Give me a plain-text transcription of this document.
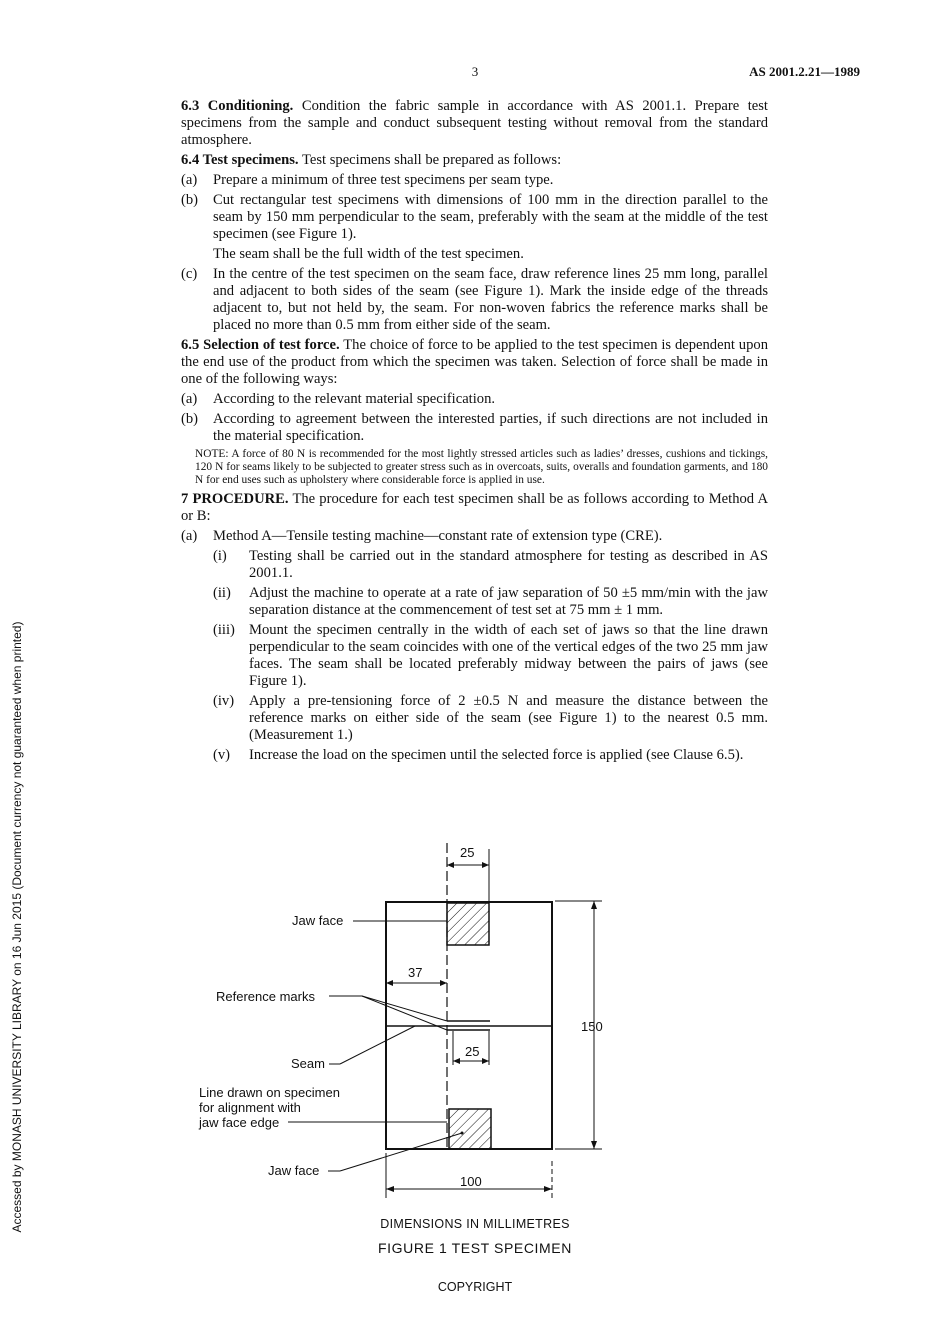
3	AS 2001.2.21—1989
Accessed by MONASH UNIVERSITY LIBRARY on 16 Jun 2015 (Document currency not guaranteed when printed)

6.3 Conditioning. Condition the fabric sample in accordance with AS 2001.1. Prepare test specimens from the sample and conduct subsequent testing without removal from the standard atmosphere.

6.4 Test specimens. Test specimens shall be prepared as follows:

(a)	Prepare a minimum of three test specimens per seam type.
(b)	Cut rectangular test specimens with dimensions of 100 mm in the direction parallel to the seam by 150 mm perpendicular to the seam, preferably with the seam at the middle of the test specimen (see Figure 1).
The seam shall be the full width of the test specimen.
(c)	In the centre of the test specimen on the seam face, draw reference lines 25 mm long, parallel and adjacent to both sides of the seam (see Figure 1). Mark the inside edge of the threads adjacent to, but not held by, the seam. For non-woven fabrics the reference marks shall be placed no more than 0.5 mm from either side of the seam.

6.5 Selection of test force. The choice of force to be applied to the test specimen is dependent upon the end use of the product from which the specimen was taken. Selection of force shall be made in one of the following ways:

(a)	According to the relevant material specification.
(b)	According to agreement between the interested parties, if such directions are not included in the material specification.
NOTE: A force of 80 N is recommended for the most lightly stressed articles such as ladies’ dresses, cushions and tickings, 120 N for seams likely to be subjected to greater stress such as in overcoats, suits, overalls and foundation garments, and 180 N for end uses such as upholstery where considerable force is applied in use.

7 PROCEDURE. The procedure for each test specimen shall be as follows according to Method A or B:

(a)	Method A—Tensile testing machine—constant rate of extension type (CRE).
(i)	Testing shall be carried out in the standard atmosphere for testing as described in AS 2001.1.
(ii)	Adjust the machine to operate at a rate of jaw separation of 50 ±5 mm/min with the jaw separation distance at the commencement of test set at 75 mm ± 1 mm.
(iii) Mount the specimen centrally in the width of each set of jaws so that the line drawn perpendicular to the seam coincides with one of the vertical edges of the two 25 mm jaw faces. The seam shall be located preferably midway between the pairs of jaws (see Figure 1).
(iv)	Apply a pre-tensioning force of 2 ±0.5 N and measure the distance between the reference marks on either side of the seam (see Figure 1) to the nearest 0.5 mm. (Measurement 1.)
(v)	Increase the load on the specimen until the selected force is applied (see Clause 6.5).
25
37
25
150
100
Jaw face
Reference marks
Seam
Line drawn on specimen
for alignment with
jaw face edge
Jaw face
DIMENSIONS IN MILLIMETRES
FIGURE 1 TEST SPECIMEN
COPYRIGHT
